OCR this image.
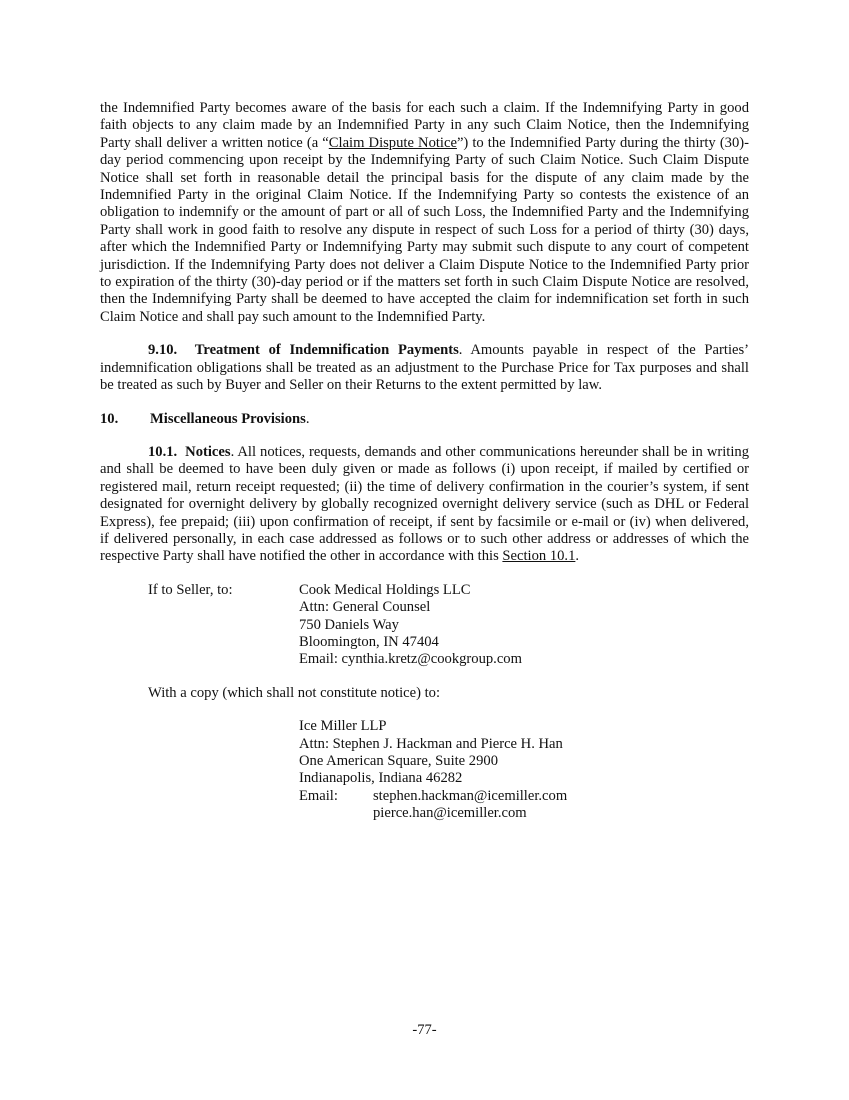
the Indemnified Party becomes aware of the basis for each such a claim. If the Indemnifying Party in good faith objects to any claim made by an Indemnified Party in any such Claim Notice, then the Indemnifying Party shall deliver a written notice (a “Claim Dispute Notice”) to the Indemnified Party during the thirty (30)-day period commencing upon receipt by the Indemnifying Party of such Claim Notice. Such Claim Dispute Notice shall set forth in reasonable detail the principal basis for the dispute of any claim made by the Indemnified Party in the original Claim Notice. If the Indemnifying Party so contests the existence of an obligation to indemnify or the amount of part or all of such Loss, the Indemnified Party and the Indemnifying Party shall work in good faith to resolve any dispute in respect of such Loss for a period of thirty (30) days, after which the Indemnified Party or Indemnifying Party may submit such dispute to any court of competent jurisdiction. If the Indemnifying Party does not deliver a Claim Dispute Notice to the Indemnified Party prior to expiration of the thirty (30)-day period or if the matters set forth in such Claim Dispute Notice are resolved, then the Indemnifying Party shall be deemed to have accepted the claim for indemnification set forth in such Claim Notice and shall pay such amount to the Indemnified Party.

9.10. Treatment of Indemnification Payments. Amounts payable in respect of the Parties’ indemnification obligations shall be treated as an adjustment to the Purchase Price for Tax purposes and shall be treated as such by Buyer and Seller on their Returns to the extent permitted by law.

10. Miscellaneous Provisions.

10.1. Notices. All notices, requests, demands and other communications hereunder shall be in writing and shall be deemed to have been duly given or made as follows (i) upon receipt, if mailed by certified or registered mail, return receipt requested; (ii) the time of delivery confirmation in the courier’s system, if sent designated for overnight delivery by globally recognized overnight delivery service (such as DHL or Federal Express), fee prepaid; (iii) upon confirmation of receipt, if sent by facsimile or e-mail or (iv) when delivered, if delivered personally, in each case addressed as follows or to such other address or addresses of which the respective Party shall have notified the other in accordance with this Section 10.1.

If to Seller, to:	Cook Medical Holdings LLC
Attn: General Counsel
750 Daniels Way
Bloomington, IN 47404
Email: cynthia.kretz@cookgroup.com
With a copy (which shall not constitute notice) to:
Ice Miller LLP
Attn: Stephen J. Hackman and Pierce H. Han
One American Square, Suite 2900
Indianapolis, Indiana 46282
Email:	stephen.hackman@icemiller.com
pierce.han@icemiller.com
-77-
